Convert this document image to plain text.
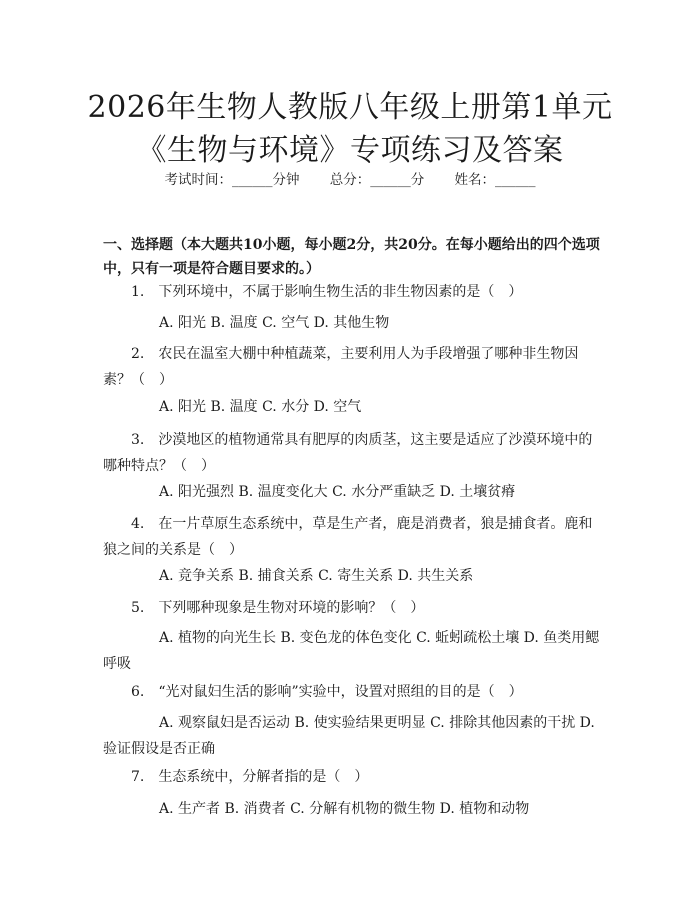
2026年生物人教版八年级上册第1单元《生物与环境》专项练习及答案
考试时间：______分钟 总分：______分 姓名：______
一、选择题（本大题共10小题，每小题2分，共20分。在每小题给出的四个选项中，只有一项是符合题目要求的。）
1.　下列环境中，不属于影响生物生活的非生物因素的是（　）
A. 阳光 B. 温度 C. 空气 D. 其他生物
2.　农民在温室大棚中种植蔬菜，主要利用人为手段增强了哪种非生物因素？（　）
A. 阳光 B. 温度 C. 水分 D. 空气
3.　沙漠地区的植物通常具有肥厚的肉质茎，这主要是适应了沙漠环境中的哪种特点？（　）
A. 阳光强烈 B. 温度变化大 C. 水分严重缺乏 D. 土壤贫瘠
4.　在一片草原生态系统中，草是生产者，鹿是消费者，狼是捕食者。鹿和狼之间的关系是（　）
A. 竞争关系 B. 捕食关系 C. 寄生关系 D. 共生关系
5.　下列哪种现象是生物对环境的影响？（　）
A. 植物的向光生长 B. 变色龙的体色变化 C. 蚯蚓疏松土壤 D. 鱼类用鳃呼吸
6.　“光对鼠妇生活的影响”实验中，设置对照组的目的是（　）
A. 观察鼠妇是否运动 B. 使实验结果更明显 C. 排除其他因素的干扰 D. 验证假设是否正确
7.　生态系统中，分解者指的是（　）
A. 生产者 B. 消费者 C. 分解有机物的微生物 D. 植物和动物
